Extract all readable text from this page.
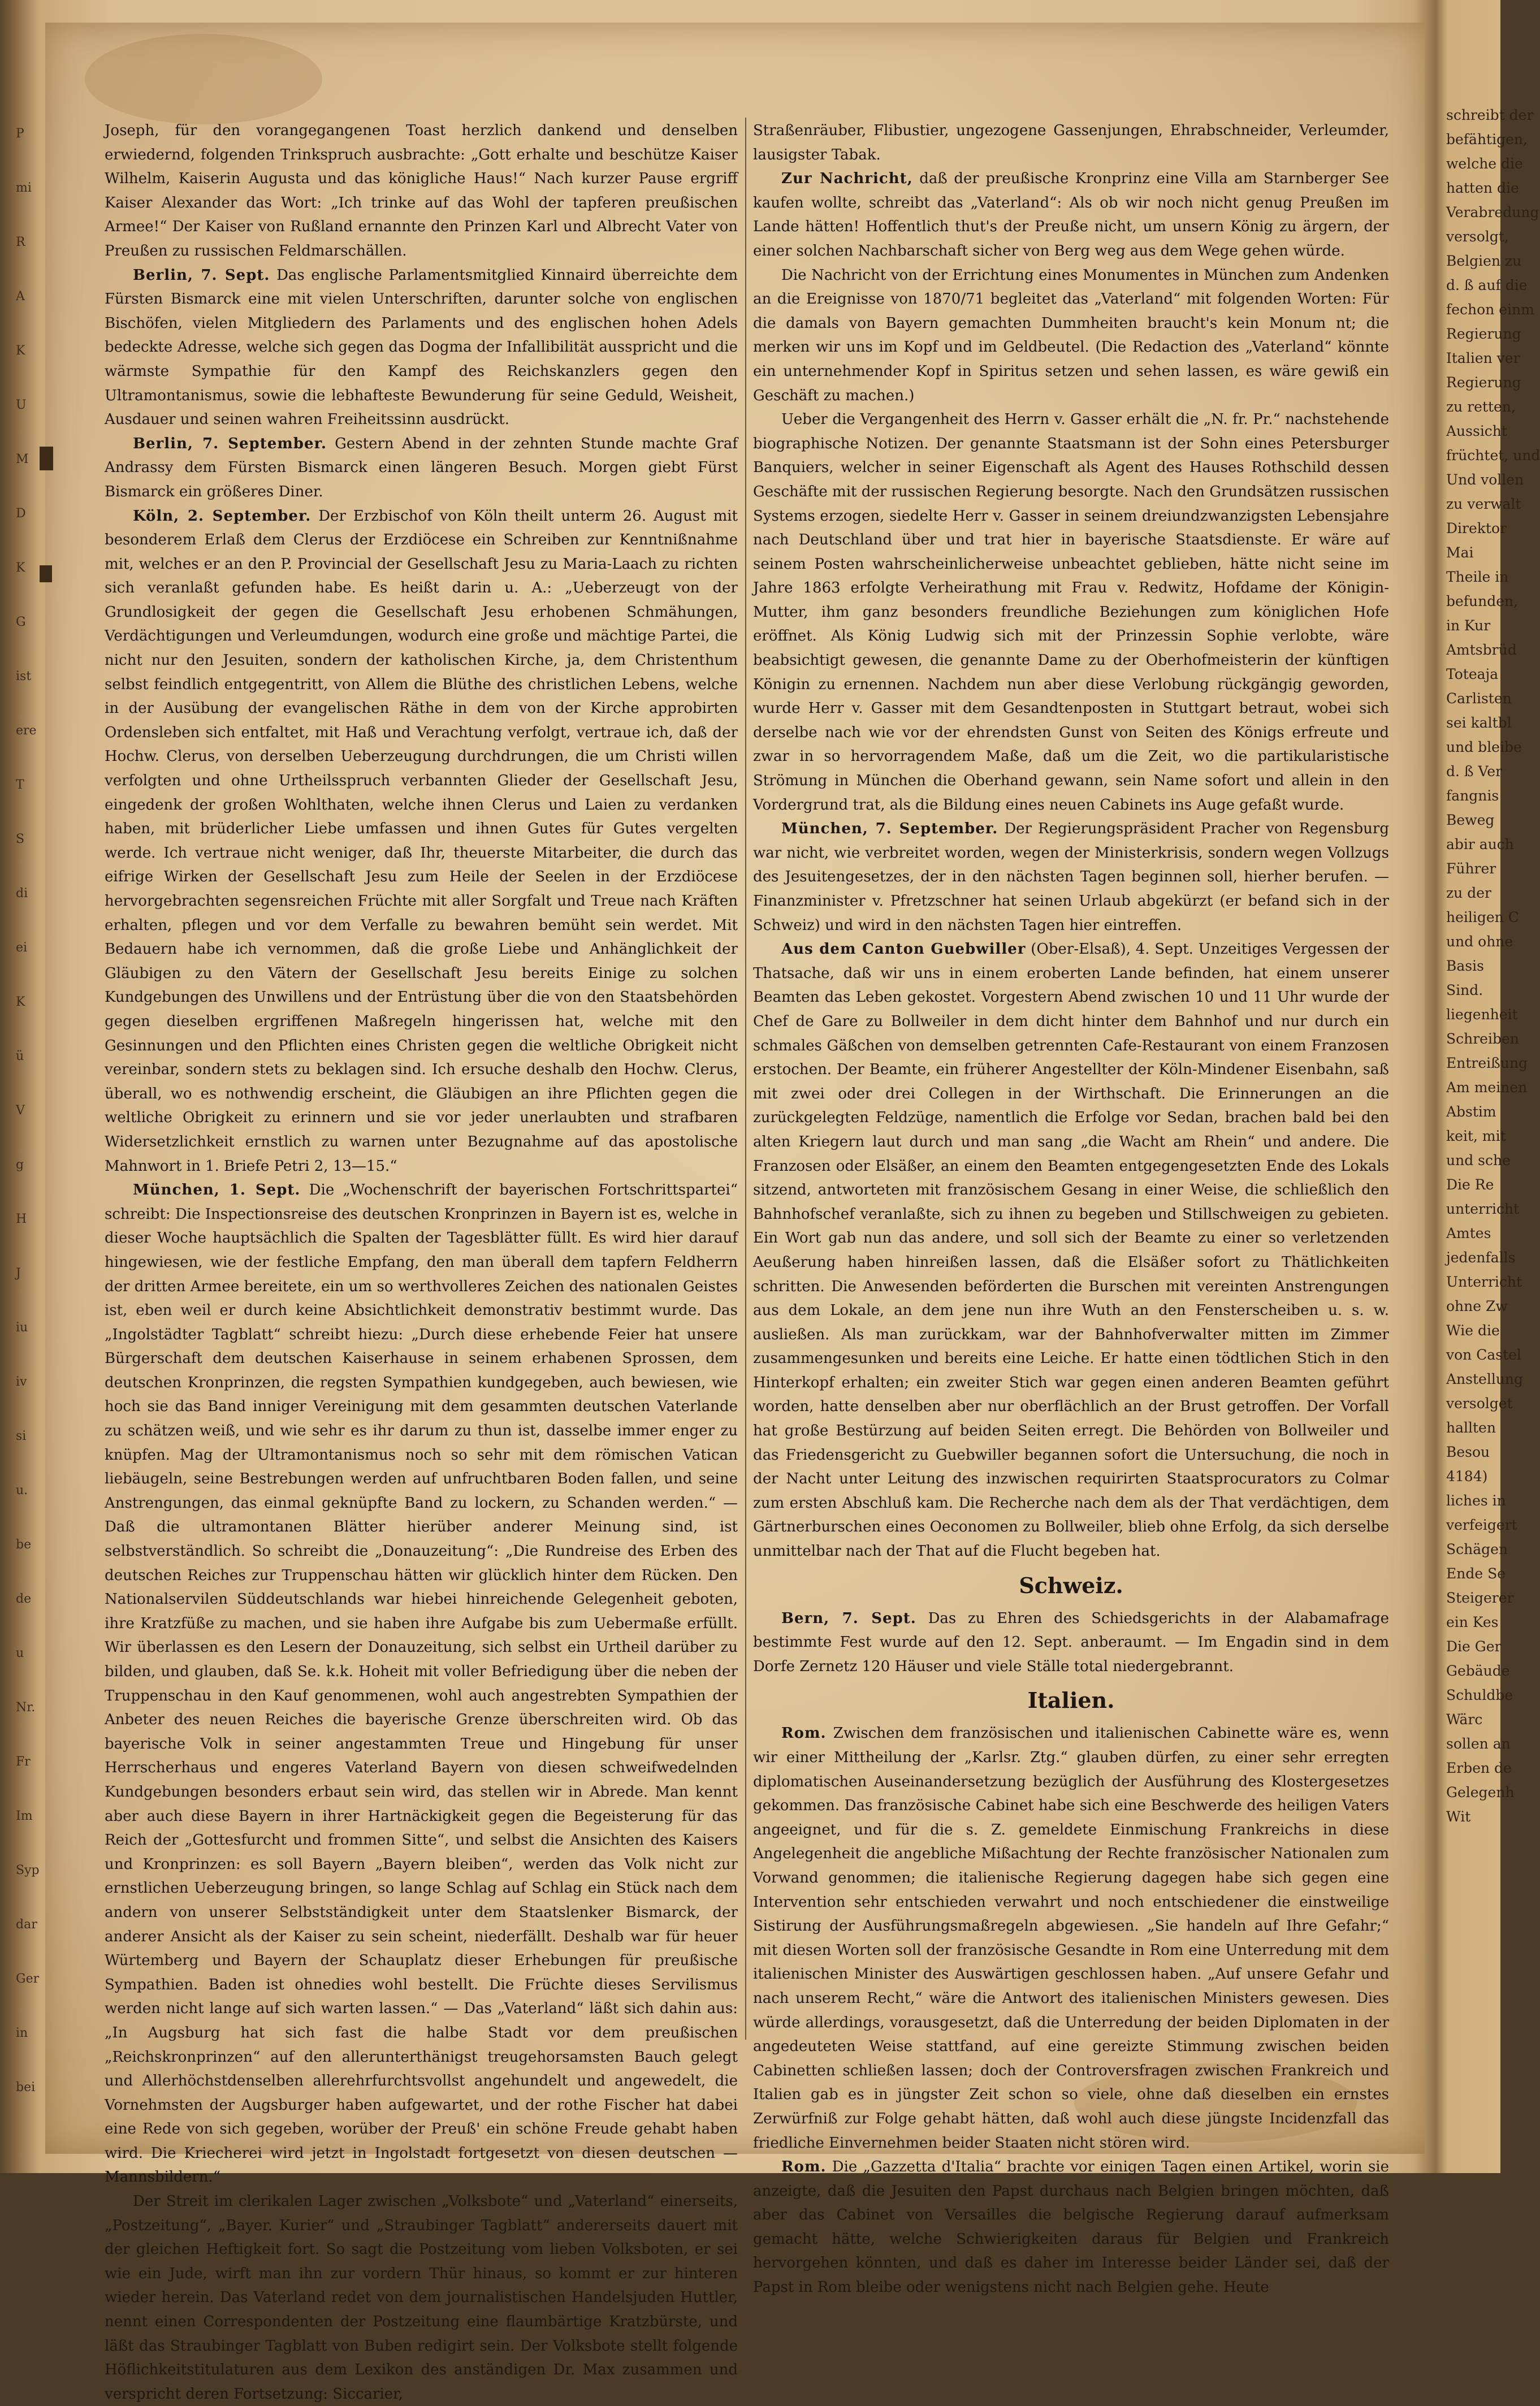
P
mi
R
A
K
U
M
D
K
G
ist
ere
T
S
di
ei
K
ü
V
g
H
J
iu
iv
si
u.
be
de
u
Nr.
Fr
Im
Syp
dar
Ger
in
bei
schreibt der
befähtigen,
welche die
hatten die
Verabredung
versolgt,
Belgien zu
d. ß auf die
fechon einm
Regierung
Italien ver
Regierung
zu retten,
Aussicht
früchtet, und
Und vollen
zu verwalt
Direktor
Mai
Theile in
befunden,
in Kur
Amtsbrüd
Toteaja
Carlisten
sei kaltbl
und bleibe
d. ß Ver
fangnis
Beweg
abir auch
Führer
zu der
heiligen C
und ohne
Basis
Sind.
liegenheit
Schreiben
Entreißung
Am meinen
Abstim
keit, mit
und sche
Die Re
unterricht
Amtes
jedenfalls
Unterricht
ohne Zw
Wie die
von Castel
Anstellung
versolget
hallten
Besou
4184)
liches in
verfeigert
Schägen
Ende Se
Steigerer
ein Kes
Die Ger
Gebäude
Schuldbe
Wärc
sollen an
Erben de
Gelegenh
Wit

Joseph, für den vorangegangenen Toast herzlich dankend und denselben erwiedernd, folgenden Trinkspruch ausbrachte: „Gott erhalte und beschütze Kaiser Wilhelm, Kaiserin Augusta und das königliche Haus!“ Nach kurzer Pause ergriff Kaiser Alexander das Wort: „Ich trinke auf das Wohl der tapferen preußischen Armee!“ Der Kaiser von Rußland ernannte den Prinzen Karl und Albrecht Vater von Preußen zu russischen Feldmarschällen.

Berlin, 7. Sept. Das englische Parlamentsmitglied Kinnaird überreichte dem Fürsten Bismarck eine mit vielen Unterschriften, darunter solche von englischen Bischöfen, vielen Mitgliedern des Parlaments und des englischen hohen Adels bedeckte Adresse, welche sich gegen das Dogma der Infallibilität ausspricht und die wärmste Sympathie für den Kampf des Reichskanzlers gegen den Ultramontanismus, sowie die lebhafteste Bewunderung für seine Geduld, Weisheit, Ausdauer und seinen wahren Freiheitssinn ausdrückt.

Berlin, 7. September. Gestern Abend in der zehnten Stunde machte Graf Andrassy dem Fürsten Bismarck einen längeren Besuch. Morgen giebt Fürst Bismarck ein größeres Diner.

Köln, 2. September. Der Erzbischof von Köln theilt unterm 26. August mit besonderem Erlaß dem Clerus der Erzdiöcese ein Schreiben zur Kenntnißnahme mit, welches er an den P. Provincial der Gesellschaft Jesu zu Maria-Laach zu richten sich veranlaßt gefunden habe. Es heißt darin u. A.: „Ueberzeugt von der Grundlosigkeit der gegen die Gesellschaft Jesu erhobenen Schmähungen, Verdächtigungen und Verleumdungen, wodurch eine große und mächtige Partei, die nicht nur den Jesuiten, sondern der katholischen Kirche, ja, dem Christenthum selbst feindlich entgegentritt, von Allem die Blüthe des christlichen Lebens, welche in der Ausübung der evangelischen Räthe in dem von der Kirche approbirten Ordensleben sich entfaltet, mit Haß und Verachtung verfolgt, vertraue ich, daß der Hochw. Clerus, von derselben Ueberzeugung durchdrungen, die um Christi willen verfolgten und ohne Urtheilsspruch verbannten Glieder der Gesellschaft Jesu, eingedenk der großen Wohlthaten, welche ihnen Clerus und Laien zu verdanken haben, mit brüderlicher Liebe umfassen und ihnen Gutes für Gutes vergelten werde. Ich vertraue nicht weniger, daß Ihr, theuerste Mitarbeiter, die durch das eifrige Wirken der Gesellschaft Jesu zum Heile der Seelen in der Erzdiöcese hervorgebrachten segensreichen Früchte mit aller Sorgfalt und Treue nach Kräften erhalten, pflegen und vor dem Verfalle zu bewahren bemüht sein werdet. Mit Bedauern habe ich vernommen, daß die große Liebe und Anhänglichkeit der Gläubigen zu den Vätern der Gesellschaft Jesu bereits Einige zu solchen Kundgebungen des Unwillens und der Entrüstung über die von den Staatsbehörden gegen dieselben ergriffenen Maßregeln hingerissen hat, welche mit den Gesinnungen und den Pflichten eines Christen gegen die weltliche Obrigkeit nicht vereinbar, sondern stets zu beklagen sind. Ich ersuche deshalb den Hochw. Clerus, überall, wo es nothwendig erscheint, die Gläubigen an ihre Pflichten gegen die weltliche Obrigkeit zu erinnern und sie vor jeder unerlaubten und strafbaren Widersetzlichkeit ernstlich zu warnen unter Bezugnahme auf das apostolische Mahnwort in 1. Briefe Petri 2, 13—15.“

München, 1. Sept. Die „Wochenschrift der bayerischen Fortschrittspartei“ schreibt: Die Inspectionsreise des deutschen Kronprinzen in Bayern ist es, welche in dieser Woche hauptsächlich die Spalten der Tagesblätter füllt. Es wird hier darauf hingewiesen, wie der festliche Empfang, den man überall dem tapfern Feldherrn der dritten Armee bereitete, ein um so werthvolleres Zeichen des nationalen Geistes ist, eben weil er durch keine Absichtlichkeit demonstrativ bestimmt wurde. Das „Ingolstädter Tagblatt“ schreibt hiezu: „Durch diese erhebende Feier hat unsere Bürgerschaft dem deutschen Kaiserhause in seinem erhabenen Sprossen, dem deutschen Kronprinzen, die regsten Sympathien kundgegeben, auch bewiesen, wie hoch sie das Band inniger Vereinigung mit dem gesammten deutschen Vaterlande zu schätzen weiß, und wie sehr es ihr darum zu thun ist, dasselbe immer enger zu knüpfen. Mag der Ultramontanismus noch so sehr mit dem römischen Vatican liebäugeln, seine Bestrebungen werden auf unfruchtbaren Boden fallen, und seine Anstrengungen, das einmal geknüpfte Band zu lockern, zu Schanden werden.“ — Daß die ultramontanen Blätter hierüber anderer Meinung sind, ist selbstverständlich. So schreibt die „Donauzeitung“: „Die Rundreise des Erben des deutschen Reiches zur Truppenschau hätten wir glücklich hinter dem Rücken. Den Nationalservilen Süddeutschlands war hiebei hinreichende Gelegenheit geboten, ihre Kratzfüße zu machen, und sie haben ihre Aufgabe bis zum Uebermaße erfüllt. Wir überlassen es den Lesern der Donauzeitung, sich selbst ein Urtheil darüber zu bilden, und glauben, daß Se. k.k. Hoheit mit voller Befriedigung über die neben der Truppenschau in den Kauf genommenen, wohl auch angestrebten Sympathien der Anbeter des neuen Reiches die bayerische Grenze überschreiten wird. Ob das bayerische Volk in seiner angestammten Treue und Hingebung für unser Herrscherhaus und engeres Vaterland Bayern von diesen schweifwedelnden Kundgebungen besonders erbaut sein wird, das stellen wir in Abrede. Man kennt aber auch diese Bayern in ihrer Hartnäckigkeit gegen die Begeisterung für das Reich der „Gottesfurcht und frommen Sitte“, und selbst die Ansichten des Kaisers und Kronprinzen: es soll Bayern „Bayern bleiben“, werden das Volk nicht zur ernstlichen Ueberzeugung bringen, so lange Schlag auf Schlag ein Stück nach dem andern von unserer Selbstständigkeit unter dem Staatslenker Bismarck, der anderer Ansicht als der Kaiser zu sein scheint, niederfällt. Deshalb war für heuer Würtemberg und Bayern der Schauplatz dieser Erhebungen für preußische Sympathien. Baden ist ohnedies wohl bestellt. Die Früchte dieses Servilismus werden nicht lange auf sich warten lassen.“ — Das „Vaterland“ läßt sich dahin aus: „In Augsburg hat sich fast die halbe Stadt vor dem preußischen „Reichskronprinzen“ auf den allerunterthänigst treugehorsamsten Bauch gelegt und Allerhöchstdenselben allerehrfurchtsvollst angehundelt und angewedelt, die Vornehmsten der Augsburger haben aufgewartet, und der rothe Fischer hat dabei eine Rede von sich gegeben, worüber der Preuß' ein schöne Freude gehabt haben wird. Die Kriecherei wird jetzt in Ingolstadt fortgesetzt von diesen deutschen — Mannsbildern.“

Der Streit im clerikalen Lager zwischen „Volksbote“ und „Vaterland“ einerseits, „Postzeitung“, „Bayer. Kurier“ und „Straubinger Tagblatt“ andererseits dauert mit der gleichen Heftigkeit fort. So sagt die Postzeitung vom lieben Volksboten, er sei wie ein Jude, wirft man ihn zur vordern Thür hinaus, so kommt er zur hinteren wieder herein. Das Vaterland redet von dem journalistischen Handelsjuden Huttler, nennt einen Correspondenten der Postzeitung eine flaumbärtige Kratzbürste, und läßt das Straubinger Tagblatt von Buben redigirt sein. Der Volksbote stellt folgende Höflichkeitstitulaturen aus dem Lexikon des anständigen Dr. Max zusammen und verspricht deren Fortsetzung: Siccarier,

Straßenräuber, Flibustier, ungezogene Gassenjungen, Ehrabschneider, Verleumder, lausigster Tabak.

Zur Nachricht, daß der preußische Kronprinz eine Villa am Starnberger See kaufen wollte, schreibt das „Vaterland“: Als ob wir noch nicht genug Preußen im Lande hätten! Hoffentlich thut's der Preuße nicht, um unsern König zu ärgern, der einer solchen Nachbarschaft sicher von Berg weg aus dem Wege gehen würde.

Die Nachricht von der Errichtung eines Monumentes in München zum Andenken an die Ereignisse von 1870/71 begleitet das „Vaterland“ mit folgenden Worten: Für die damals von Bayern gemachten Dummheiten braucht's kein Monum nt; die merken wir uns im Kopf und im Geldbeutel. (Die Redaction des „Vaterland“ könnte ein unternehmender Kopf in Spiritus setzen und sehen lassen, es wäre gewiß ein Geschäft zu machen.)

Ueber die Vergangenheit des Herrn v. Gasser erhält die „N. fr. Pr.“ nachstehende biographische Notizen. Der genannte Staatsmann ist der Sohn eines Petersburger Banquiers, welcher in seiner Eigenschaft als Agent des Hauses Rothschild dessen Geschäfte mit der russischen Regierung besorgte. Nach den Grundsätzen russischen Systems erzogen, siedelte Herr v. Gasser in seinem dreiundzwanzigsten Lebensjahre nach Deutschland über und trat hier in bayerische Staatsdienste. Er wäre auf seinem Posten wahrscheinlicherweise unbeachtet geblieben, hätte nicht seine im Jahre 1863 erfolgte Verheirathung mit Frau v. Redwitz, Hofdame der Königin-Mutter, ihm ganz besonders freundliche Beziehungen zum königlichen Hofe eröffnet. Als König Ludwig sich mit der Prinzessin Sophie verlobte, wäre beabsichtigt gewesen, die genannte Dame zu der Oberhofmeisterin der künftigen Königin zu ernennen. Nachdem nun aber diese Verlobung rückgängig geworden, wurde Herr v. Gasser mit dem Gesandtenposten in Stuttgart betraut, wobei sich derselbe nach wie vor der ehrendsten Gunst von Seiten des Königs erfreute und zwar in so hervorragendem Maße, daß um die Zeit, wo die partikularistische Strömung in München die Oberhand gewann, sein Name sofort und allein in den Vordergrund trat, als die Bildung eines neuen Cabinets ins Auge gefaßt wurde.

München, 7. September. Der Regierungspräsident Pracher von Regensburg war nicht, wie verbreitet worden, wegen der Ministerkrisis, sondern wegen Vollzugs des Jesuitengesetzes, der in den nächsten Tagen beginnen soll, hierher berufen. — Finanzminister v. Pfretzschner hat seinen Urlaub abgekürzt (er befand sich in der Schweiz) und wird in den nächsten Tagen hier eintreffen.

Aus dem Canton Guebwiller (Ober-Elsaß), 4. Sept. Unzeitiges Vergessen der Thatsache, daß wir uns in einem eroberten Lande befinden, hat einem unserer Beamten das Leben gekostet. Vorgestern Abend zwischen 10 und 11 Uhr wurde der Chef de Gare zu Bollweiler in dem dicht hinter dem Bahnhof und nur durch ein schmales Gäßchen von demselben getrennten Cafe-Restaurant von einem Franzosen erstochen. Der Beamte, ein früherer Angestellter der Köln-Mindener Eisenbahn, saß mit zwei oder drei Collegen in der Wirthschaft. Die Erinnerungen an die zurückgelegten Feldzüge, namentlich die Erfolge vor Sedan, brachen bald bei den alten Kriegern laut durch und man sang „die Wacht am Rhein“ und andere. Die Franzosen oder Elsäßer, an einem den Beamten entgegengesetzten Ende des Lokals sitzend, antworteten mit französischem Gesang in einer Weise, die schließlich den Bahnhofschef veranlaßte, sich zu ihnen zu begeben und Stillschweigen zu gebieten. Ein Wort gab nun das andere, und soll sich der Beamte zu einer so verletzenden Aeußerung haben hinreißen lassen, daß die Elsäßer sofort zu Thätlichkeiten schritten. Die Anwesenden beförderten die Burschen mit vereinten Anstrengungen aus dem Lokale, an dem jene nun ihre Wuth an den Fensterscheiben u. s. w. ausließen. Als man zurückkam, war der Bahnhofverwalter mitten im Zimmer zusammengesunken und bereits eine Leiche. Er hatte einen tödtlichen Stich in den Hinterkopf erhalten; ein zweiter Stich war gegen einen anderen Beamten geführt worden, hatte denselben aber nur oberflächlich an der Brust getroffen. Der Vorfall hat große Bestürzung auf beiden Seiten erregt. Die Behörden von Bollweiler und das Friedensgericht zu Guebwiller begannen sofort die Untersuchung, die noch in der Nacht unter Leitung des inzwischen requirirten Staatsprocurators zu Colmar zum ersten Abschluß kam. Die Recherche nach dem als der That verdächtigen, dem Gärtnerburschen eines Oeconomen zu Bollweiler, blieb ohne Erfolg, da sich derselbe unmittelbar nach der That auf die Flucht begeben hat.

Schweiz.

Bern, 7. Sept. Das zu Ehren des Schiedsgerichts in der Alabamafrage bestimmte Fest wurde auf den 12. Sept. anberaumt. — Im Engadin sind in dem Dorfe Zernetz 120 Häuser und viele Ställe total niedergebrannt.

Italien.

Rom. Zwischen dem französischen und italienischen Cabinette wäre es, wenn wir einer Mittheilung der „Karlsr. Ztg.“ glauben dürfen, zu einer sehr erregten diplomatischen Auseinandersetzung bezüglich der Ausführung des Klostergesetzes gekommen. Das französische Cabinet habe sich eine Beschwerde des heiligen Vaters angeeignet, und für die s. Z. gemeldete Einmischung Frankreichs in diese Angelegenheit die angebliche Mißachtung der Rechte französischer Nationalen zum Vorwand genommen; die italienische Regierung dagegen habe sich gegen eine Intervention sehr entschieden verwahrt und noch entschiedener die einstweilige Sistirung der Ausführungsmaßregeln abgewiesen. „Sie handeln auf Ihre Gefahr;“ mit diesen Worten soll der französische Gesandte in Rom eine Unterredung mit dem italienischen Minister des Auswärtigen geschlossen haben. „Auf unsere Gefahr und nach unserem Recht,“ wäre die Antwort des italienischen Ministers gewesen. Dies würde allerdings, vorausgesetzt, daß die Unterredung der beiden Diplomaten in der angedeuteten Weise stattfand, auf eine gereizte Stimmung zwischen beiden Cabinetten schließen lassen; doch der Controversfragen zwischen Frankreich und Italien gab es in jüngster Zeit schon so viele, ohne daß dieselben ein ernstes Zerwürfniß zur Folge gehabt hätten, daß wohl auch diese jüngste Incidenzfall das friedliche Einvernehmen beider Staaten nicht stören wird.

Rom. Die „Gazzetta d'Italia“ brachte vor einigen Tagen einen Artikel, worin sie anzeigte, daß die Jesuiten den Papst durchaus nach Belgien bringen möchten, daß aber das Cabinet von Versailles die belgische Regierung darauf aufmerksam gemacht hätte, welche Schwierigkeiten daraus für Belgien und Frankreich hervorgehen könnten, und daß es daher im Interesse beider Länder sei, daß der Papst in Rom bleibe oder wenigstens nicht nach Belgien gehe. Heute
